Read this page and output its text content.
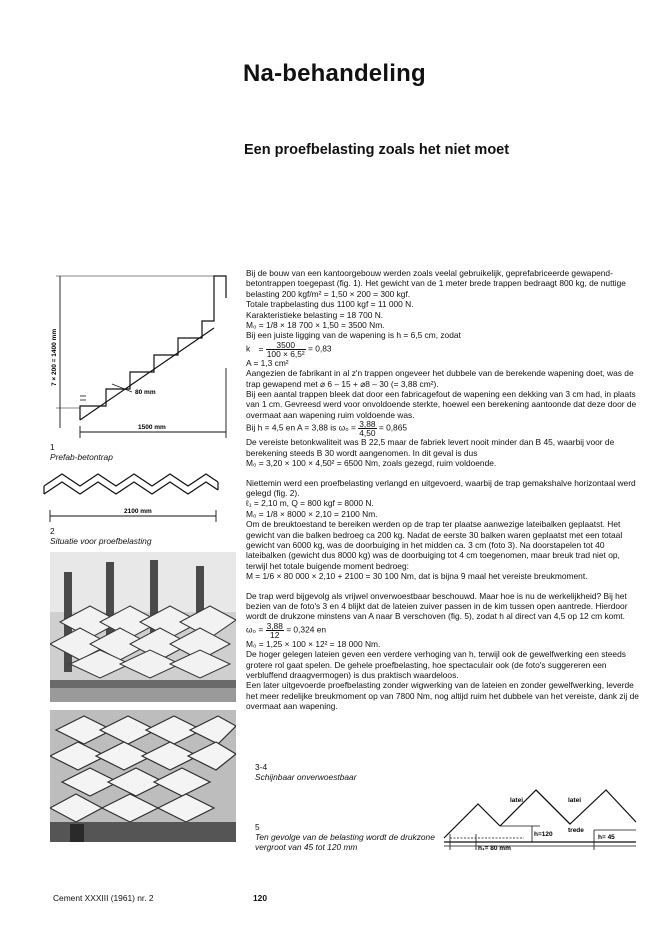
Na-behandeling
Een proefbelasting zoals het niet moet
7 × 200 = 1400 mm
80 mm
1500 mm
1
Prefab-betontrap
2100 mm
2
Situatie voor proefbelasting

Bij de bouw van een kantoorgebouw werden zoals veelal gebruikelijk, geprefabriceerde gewapend-betontrappen toegepast (fig. 1). Het gewicht van de 1 meter brede trappen bedraagt 800 kg, de nuttige belasting 200 kgf/m² = 1,50 × 200 = 300 kgf.

Totale trapbelasting dus 1100 kgf = 11 000 N.

Karakteristieke belasting = 18 700 N.

M₀ = 1/8 × 18 700 × 1,50 = 3500 Nm.

Bij een juiste ligging van de wapening is h = 6,5 cm, zodat

$k = \frac{3500}{\text{100 × 6,5²}} = 0,83$

A = 1,3 cm²

Aangezien de fabrikant in al z'n trappen ongeveer het dubbele van de berekende wapening doet, was de trap gewapend met ⌀ 6 – 15 + ⌀8 – 30 (= 3,88 cm²).

Bij een aantal trappen bleek dat door een fabricagefout de wapening een dekking van 3 cm had, in plaats van 1 cm. Gevreesd werd voor onvoldoende sterkte, hoewel een berekening aantoonde dat deze door de overmaat aan wapening ruim voldoende was.

Bij h = 4,5 en A = 3,88 is $\omega_0 = \frac{3,88}{4,50} = 0,865$

De vereiste betonkwaliteit was B 22,5 maar de fabriek levert nooit minder dan B 45, waarbij voor de berekening steeds B 30 wordt aangenomen. In dit geval is dus

M₀ = 3,20 × 100 × 4,50² = 6500 Nm, zoals gezegd, ruim voldoende.

Niettemin werd een proefbelasting verlangd en uitgevoerd, waarbij de trap gemakshalve horizontaal werd gelegd (fig. 2).

ℓ₁ = 2,10 m, Q = 800 kgf = 8000 N.

M₀ = 1/8 × 8000 × 2,10 = 2100 Nm.

Om de breuktoestand te bereiken werden op de trap ter plaatse aanwezige lateibalken geplaatst. Het gewicht van die balken bedroeg ca 200 kg. Nadat de eerste 30 balken waren geplaatst met een totaal gewicht van 6000 kg, was de doorbuiging in het midden ca. 3 cm (foto 3). Na doorstapelen tot 40 lateibalken (gewicht dus 8000 kg) was de doorbuiging tot 4 cm toegenomen, maar breuk trad niet op, terwijl het totale buigende moment bedroeg:

M = 1/6 × 80 000 × 2,10 + 2100 = 30 100 Nm, dat is bijna 9 maal het vereiste breukmoment.

De trap werd bijgevolg als vrijwel onverwoestbaar beschouwd. Maar hoe is nu de werkelijkheid? Bij het bezien van de foto's 3 en 4 blijkt dat de lateien zuiver passen in de kim tussen open aantrede. Hierdoor wordt de drukzone minstens van A naar B verschoven (fig. 5), zodat h al direct van 4,5 op 12 cm komt.

$\omega_0 = \frac{3,88}{12} = 0,324$ en

M₀ = 1,25 × 100 × 12² = 18 000 Nm.

De hoger gelegen lateien geven een verdere verhoging van h, terwijl ook de gewelfwerking een steeds grotere rol gaat spelen. De gehele proefbelasting, hoe spectaculair ook (de foto's suggereren een verbluffend draagvermogen) is dus praktisch waardeloos.

Een later uitgevoerde proefbelasting zonder wigwerking van de lateien en zonder gewelfwerking, leverde het meer redelijke breukmoment op van 7800 Nm, nog altijd ruim het dubbele van het vereiste, dank zij de overmaat aan wapening.

3-4
Schijnbaar onverwoestbaar
5
Ten gevolge van de belasting wordt de drukzone vergroot van 45 tot 120 mm
latei	latei
trede
h=120
h₁= 80 mm
h= 45
Cement XXXIII (1961) nr. 2	120
